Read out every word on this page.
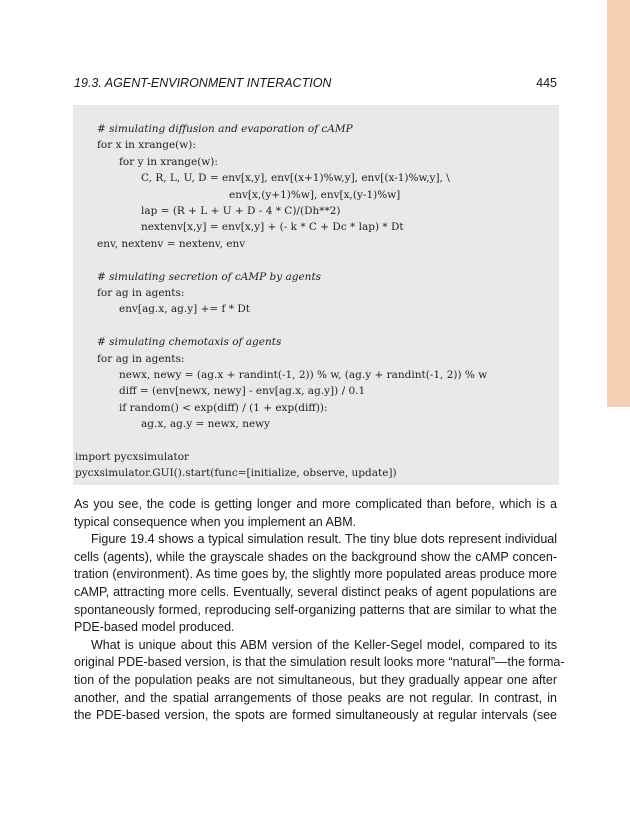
19.3. AGENT-ENVIRONMENT INTERACTION	445
# simulating diffusion and evaporation of cAMP
for x in xrange(w):
for y in xrange(w):
C, R, L, U, D = env[x,y], env[(x+1)%w,y], env[(x-1)%w,y], \
env[x,(y+1)%w], env[x,(y-1)%w]
lap = (R + L + U + D - 4 * C)/(Dh**2)
nextenv[x,y] = env[x,y] + (- k * C + Dc * lap) * Dt
env, nextenv = nextenv, env
# simulating secretion of cAMP by agents
for ag in agents:
env[ag.x, ag.y] += f * Dt
# simulating chemotaxis of agents
for ag in agents:
newx, newy = (ag.x + randint(-1, 2)) % w, (ag.y + randint(-1, 2)) % w
diff = (env[newx, newy] - env[ag.x, ag.y]) / 0.1
if random() < exp(diff) / (1 + exp(diff)):
ag.x, ag.y = newx, newy
import pycxsimulator
pycxsimulator.GUI().start(func=[initialize, observe, update])
As you see, the code is getting longer and more complicated than before, which is a
typical consequence when you implement an ABM.
Figure 19.4 shows a typical simulation result. The tiny blue dots represent individual
cells (agents), while the grayscale shades on the background show the cAMP concen-
tration (environment). As time goes by, the slightly more populated areas produce more
cAMP, attracting more cells. Eventually, several distinct peaks of agent populations are
spontaneously formed, reproducing self-organizing patterns that are similar to what the
PDE-based model produced.
What is unique about this ABM version of the Keller-Segel model, compared to its
original PDE-based version, is that the simulation result looks more “natural”—the forma-
tion of the population peaks are not simultaneous, but they gradually appear one after
another, and the spatial arrangements of those peaks are not regular. In contrast, in
the PDE-based version, the spots are formed simultaneously at regular intervals (see
